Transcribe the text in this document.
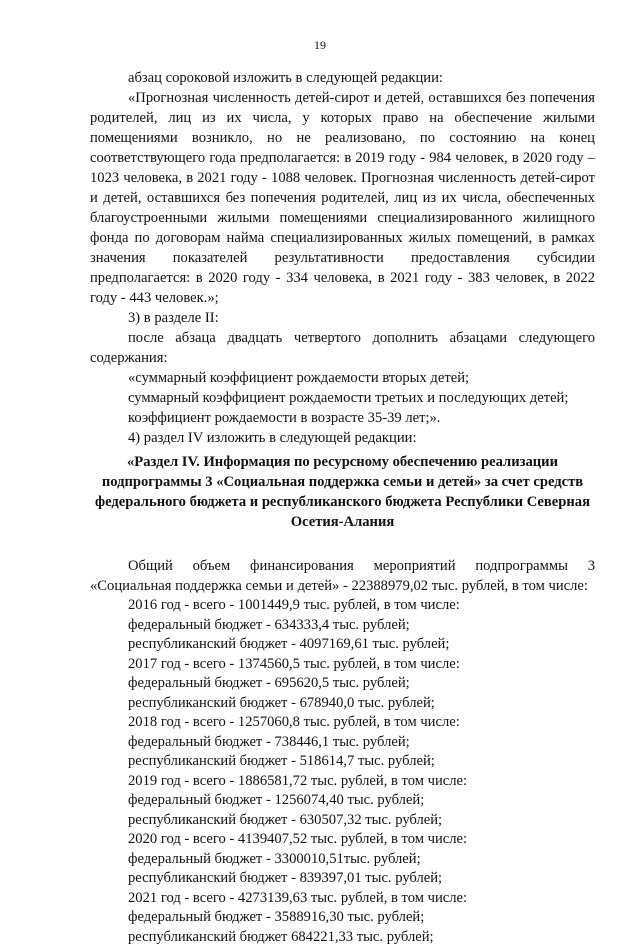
19

абзац сороковой изложить в следующей редакции:

«Прогнозная численность детей-сирот и детей, оставшихся без попечения родителей, лиц из их числа, у которых право на обеспечение жилыми помещениями возникло, но не реализовано, по состоянию на конец соответствующего года предполагается: в 2019 году - 984 человек, в 2020 году – 1023 человека, в 2021 году - 1088 человек. Прогнозная численность детей-сирот и детей, оставшихся без попечения родителей, лиц из их числа, обеспеченных благоустроенными жилыми помещениями специализированного жилищного фонда по договорам найма специализированных жилых помещений, в рамках значения показателей результативности предоставления субсидии предполагается: в 2020 году - 334 человека, в 2021 году - 383 человек, в 2022 году - 443 человек.»;

3) в разделе II:

после абзаца двадцать четвертого дополнить абзацами следующего содержания:

«суммарный коэффициент рождаемости вторых детей;

суммарный коэффициент рождаемости третьих и последующих детей;

коэффициент рождаемости в возрасте 35-39 лет;».

4) раздел IV изложить в следующей редакции:

«Раздел IV. Информация по ресурсному обеспечению реализации подпрограммы 3 «Социальная поддержка семьи и детей» за счет средств федерального бюджета и республиканского бюджета Республики Северная Осетия-Алания

Общий объем финансирования мероприятий подпрограммы 3 «Социальная поддержка семьи и детей» - 22388979,02 тыс. рублей, в том числе:

2016 год - всего - 1001449,9 тыс. рублей, в том числе:

федеральный бюджет - 634333,4 тыс. рублей;

республиканский бюджет - 4097169,61 тыс. рублей;

2017 год - всего - 1374560,5 тыс. рублей, в том числе:

федеральный бюджет - 695620,5 тыс. рублей;

республиканский бюджет - 678940,0 тыс. рублей;

2018 год - всего - 1257060,8 тыс. рублей, в том числе:

федеральный бюджет - 738446,1 тыс. рублей;

республиканский бюджет - 518614,7 тыс. рублей;

2019 год - всего - 1886581,72 тыс. рублей, в том числе:

федеральный бюджет - 1256074,40 тыс. рублей;

республиканский бюджет - 630507,32 тыс. рублей;

2020 год - всего - 4139407,52 тыс. рублей, в том числе:

федеральный бюджет - 3300010,51тыс. рублей;

республиканский бюджет - 839397,01 тыс. рублей;

2021 год - всего - 4273139,63 тыс. рублей, в том числе:

федеральный бюджет - 3588916,30 тыс. рублей;

республиканский бюджет 684221,33 тыс. рублей;
